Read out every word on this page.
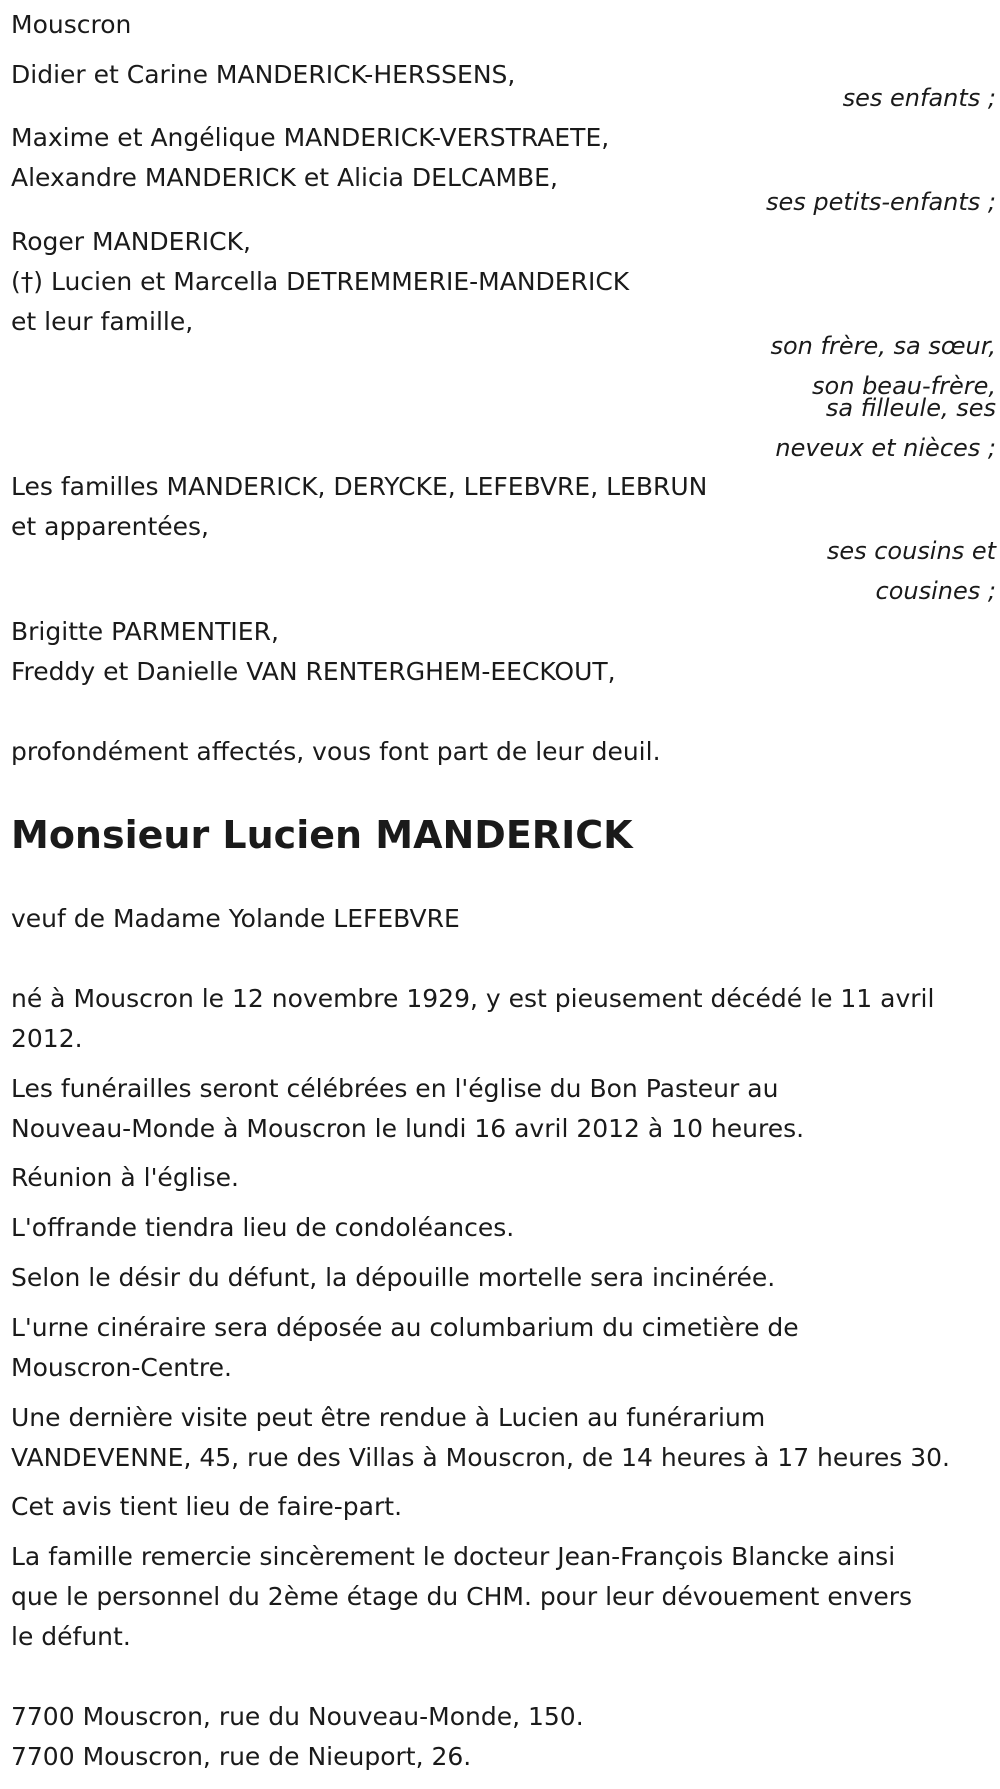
Mouscron
Didier et Carine MANDERICK-HERSSENS,
ses enfants ;
Maxime et Angélique MANDERICK-VERSTRAETE,
Alexandre MANDERICK et Alicia DELCAMBE,
ses petits-enfants ;
Roger MANDERICK,
(†) Lucien et Marcella DETREMMERIE-MANDERICK
et leur famille,
son frère, sa sœur,
son beau-frère,
sa filleule, ses
neveux et nièces ;
Les familles MANDERICK, DERYCKE, LEFEBVRE, LEBRUN
et apparentées,
ses cousins et
cousines ;
Brigitte PARMENTIER,
Freddy et Danielle VAN RENTERGHEM-EECKOUT,
profondément affectés, vous font part de leur deuil.
Monsieur Lucien MANDERICK
veuf de Madame Yolande LEFEBVRE
né à Mouscron le 12 novembre 1929, y est pieusement décédé le 11 avril
2012.
Les funérailles seront célébrées en l'église du Bon Pasteur au
Nouveau-Monde à Mouscron le lundi 16 avril 2012 à 10 heures.
Réunion à l'église.
L'offrande tiendra lieu de condoléances.
Selon le désir du défunt, la dépouille mortelle sera incinérée.
L'urne cinéraire sera déposée au columbarium du cimetière de
Mouscron-Centre.
Une dernière visite peut être rendue à Lucien au funérarium
VANDEVENNE, 45, rue des Villas à Mouscron, de 14 heures à 17 heures 30.
Cet avis tient lieu de faire-part.
La famille remercie sincèrement le docteur Jean-François Blancke ainsi
que le personnel du 2ème étage du CHM. pour leur dévouement envers
le défunt.
7700 Mouscron, rue du Nouveau-Monde, 150.
7700 Mouscron, rue de Nieuport, 26.
